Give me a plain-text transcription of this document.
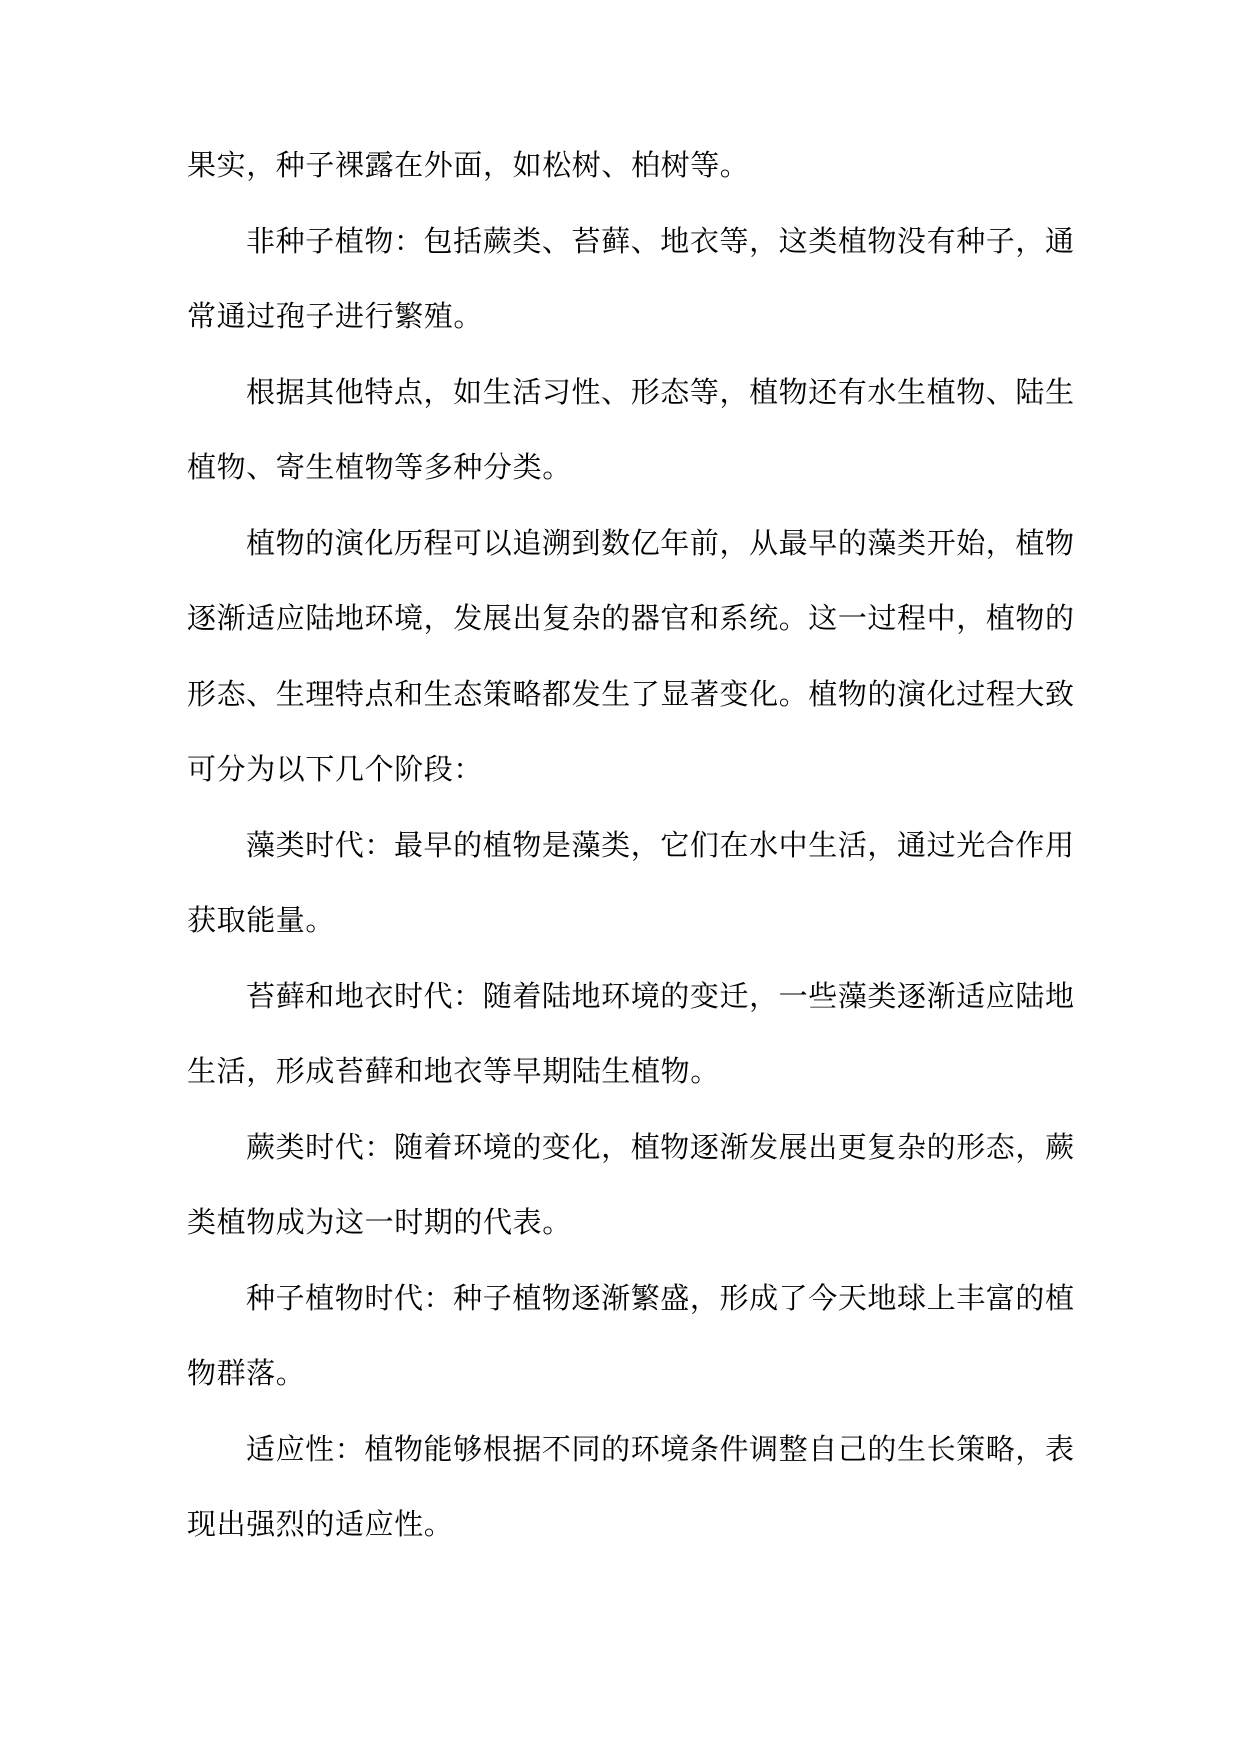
果实，种子裸露在外面，如松树、柏树等。
非种子植物：包括蕨类、苔藓、地衣等，这类植物没有种子，通
常通过孢子进行繁殖。
根据其他特点，如生活习性、形态等，植物还有水生植物、陆生
植物、寄生植物等多种分类。
植物的演化历程可以追溯到数亿年前，从最早的藻类开始，植物
逐渐适应陆地环境，发展出复杂的器官和系统。这一过程中，植物的
形态、生理特点和生态策略都发生了显著变化。植物的演化过程大致
可分为以下几个阶段：
藻类时代：最早的植物是藻类，它们在水中生活，通过光合作用
获取能量。
苔藓和地衣时代：随着陆地环境的变迁，一些藻类逐渐适应陆地
生活，形成苔藓和地衣等早期陆生植物。
蕨类时代：随着环境的变化，植物逐渐发展出更复杂的形态，蕨
类植物成为这一时期的代表。
种子植物时代：种子植物逐渐繁盛，形成了今天地球上丰富的植
物群落。
适应性：植物能够根据不同的环境条件调整自己的生长策略，表
现出强烈的适应性。
